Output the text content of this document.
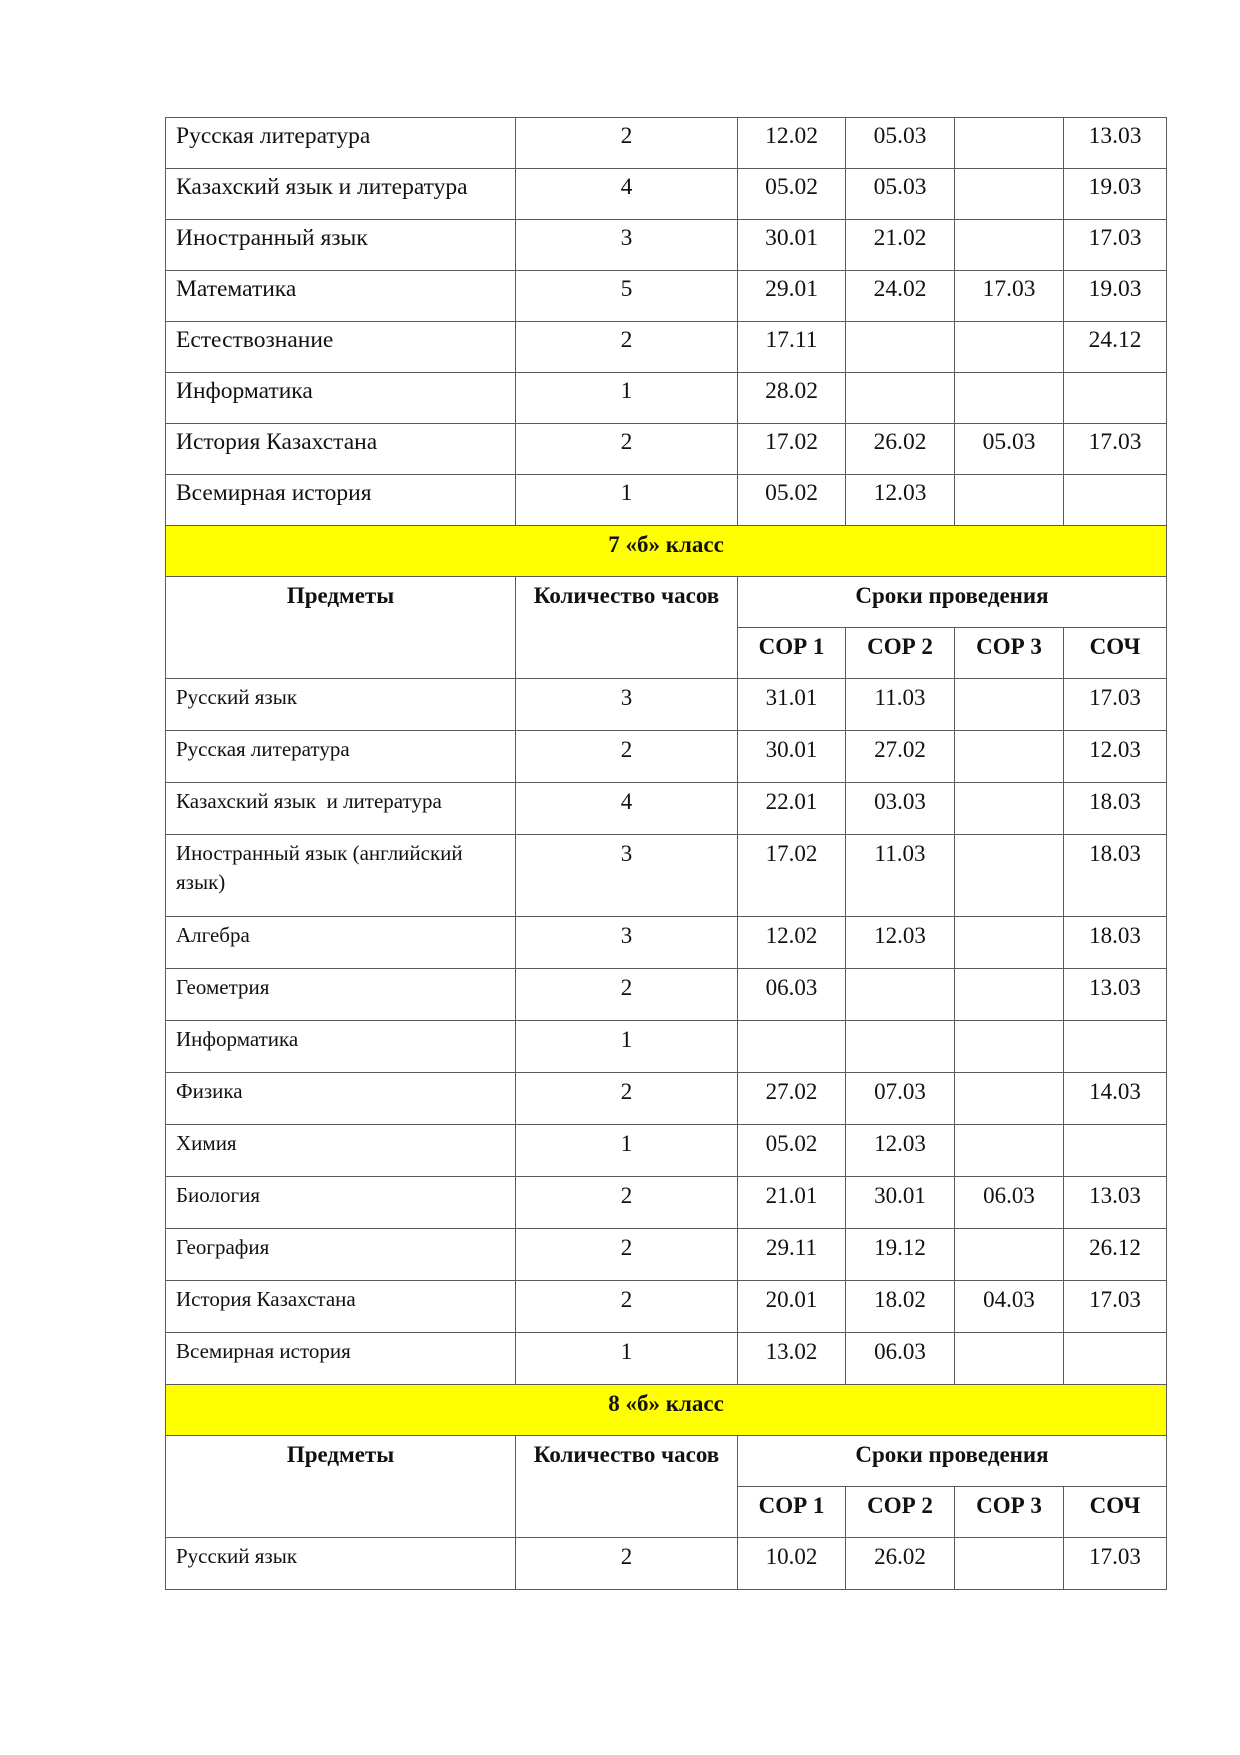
Русская литература	2	12.02	05.03		13.03
Казахский язык и литература	4	05.02	05.03		19.03
Иностранный язык	3	30.01	21.02		17.03
Математика	5	29.01	24.02	17.03	19.03
Естествознание	2	17.11			24.12
Информатика	1	28.02			
История Казахстана	2	17.02	26.02	05.03	17.03
Всемирная история	1	05.02	12.03		
7 «б» класс					
Предметы	Количество часов	Сроки проведения			
		СОР 1	СОР 2	СОР 3	СОЧ
Русский язык	3	31.01	11.03		17.03
Русская литература	2	30.01	27.02		12.03
Казахский язык  и литература	4	22.01	03.03		18.03
Иностранный язык (английский язык)	3	17.02	11.03		18.03
Алгебра	3	12.02	12.03		18.03
Геометрия	2	06.03			13.03
Информатика	1				
Физика	2	27.02	07.03		14.03
Химия	1	05.02	12.03		
Биология	2	21.01	30.01	06.03	13.03
География	2	29.11	19.12		26.12
История Казахстана	2	20.01	18.02	04.03	17.03
Всемирная история	1	13.02	06.03		
8 «б» класс					
Предметы	Количество часов	Сроки проведения			
		СОР 1	СОР 2	СОР 3	СОЧ
Русский язык	2	10.02	26.02		17.03
